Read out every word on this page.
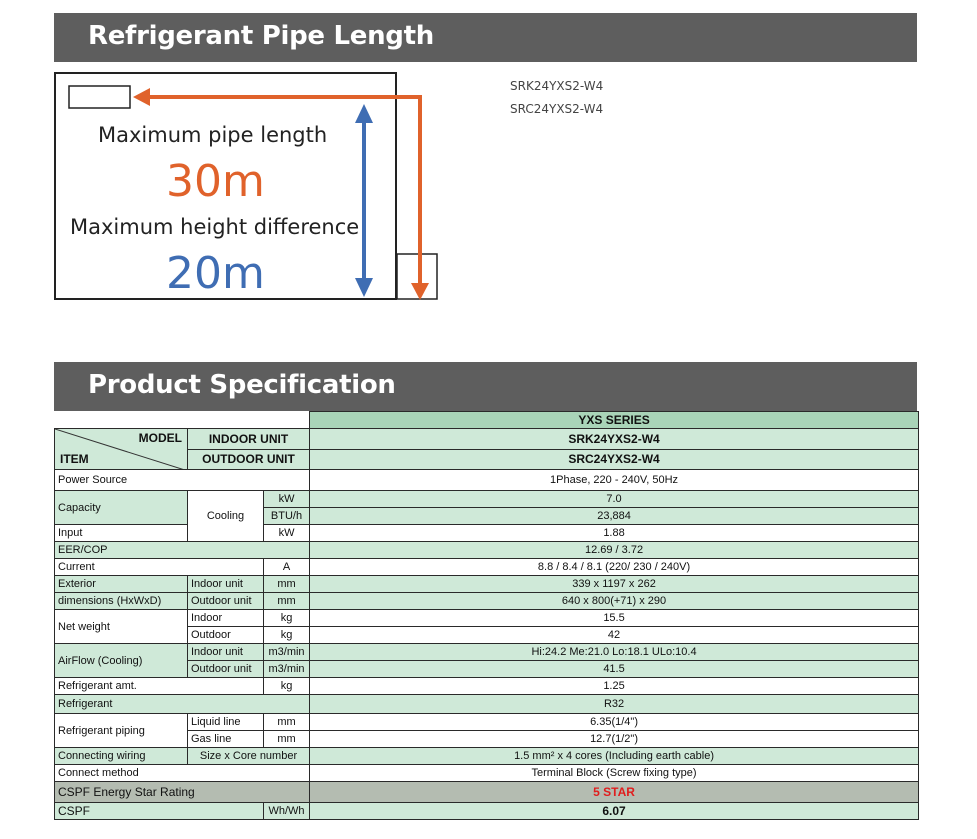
Refrigerant Pipe Length
Maximum pipe length
30m
Maximum height difference
20m
SRK24YXS2-W4
SRC24YXS2-W4
Product Specification
			YXS SERIES

MODEL
ITEM	INDOOR UNIT		SRK24YXS2-W4
	OUTDOOR UNIT		SRC24YXS2-W4
Power Source			1Phase, 220 - 240V, 50Hz
Capacity	Cooling	kW	7.0
		BTU/h	23,884
Input		kW	1.88
EER/COP			12.69 / 3.72
Current		A	8.8 / 8.4 / 8.1 (220/ 230 / 240V)
Exterior	Indoor unit	mm	339 x 1197 x 262
dimensions (HxWxD)	Outdoor unit	mm	640 x 800(+71) x 290
Net weight	Indoor	kg	15.5
	Outdoor	kg	42
AirFlow (Cooling)	Indoor unit	m3/min	Hi:24.2 Me:21.0 Lo:18.1 ULo:10.4
	Outdoor unit	m3/min	41.5
Refrigerant amt.		kg	1.25
Refrigerant			R32
Refrigerant piping	Liquid line	mm	6.35(1/4")
	Gas line	mm	12.7(1/2")
Connecting wiring	Size x Core number		1.5 mm² x 4 cores (Including earth cable)
Connect method			Terminal Block (Screw fixing type)
CSPF Energy Star Rating			5 STAR
CSPF		Wh/Wh	6.07
